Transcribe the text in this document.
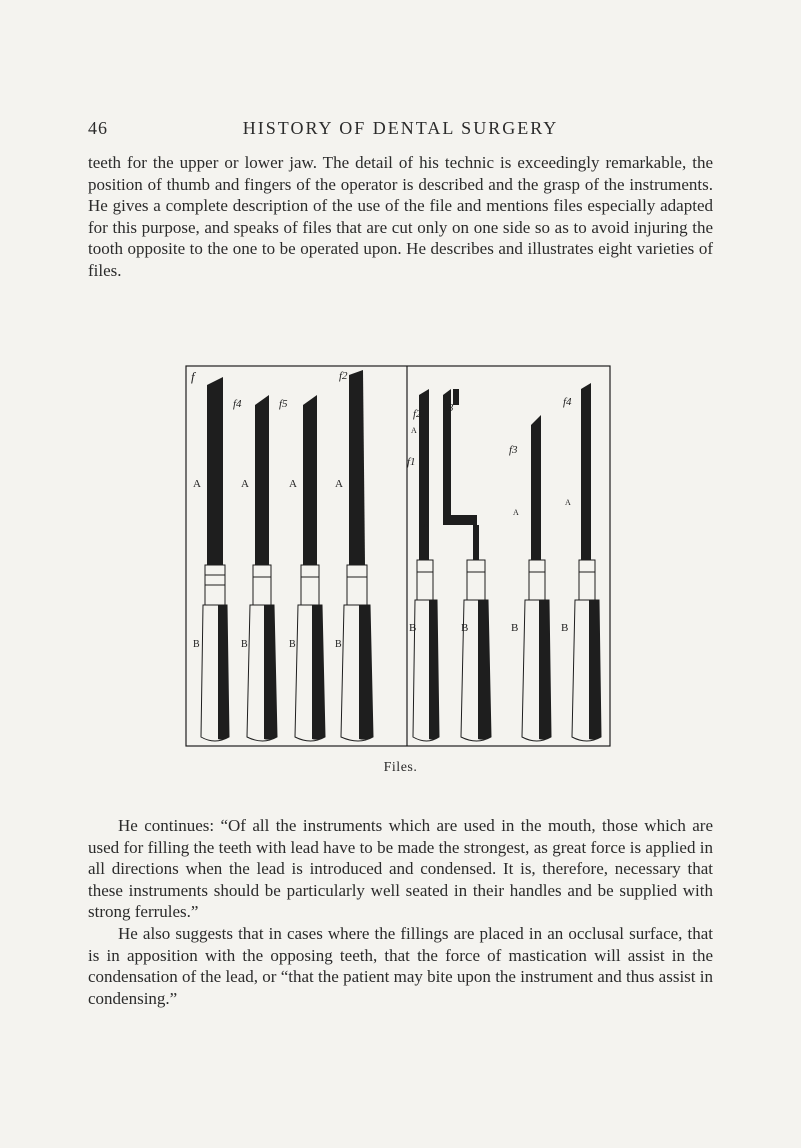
46	HISTORY OF DENTAL SURGERY

teeth for the upper or lower jaw. The detail of his technic is exceedingly remarkable, the position of thumb and fingers of the operator is described and the grasp of the instruments. He gives a complete description of the use of the file and mentions files especially adapted for this purpose, and speaks of files that are cut only on one side so as to avoid injuring the tooth opposite to the one to be operated upon. He describes and illustrates eight varieties of files.

f
A	A	A	A
B	B	B	B
f4	f5
f2
f2 f3
f1
f3
f4
A
A
A
A
B	B	B	B
Files.

He continues: “Of all the instruments which are used in the mouth, those which are used for filling the teeth with lead have to be made the strongest, as great force is applied in all directions when the lead is introduced and condensed. It is, therefore, necessary that these instruments should be particularly well seated in their handles and be supplied with strong ferrules.”

He also suggests that in cases where the fillings are placed in an occlusal surface, that is in apposition with the opposing teeth, that the force of mastication will assist in the condensation of the lead, or “that the patient may bite upon the instrument and thus assist in condensing.”
